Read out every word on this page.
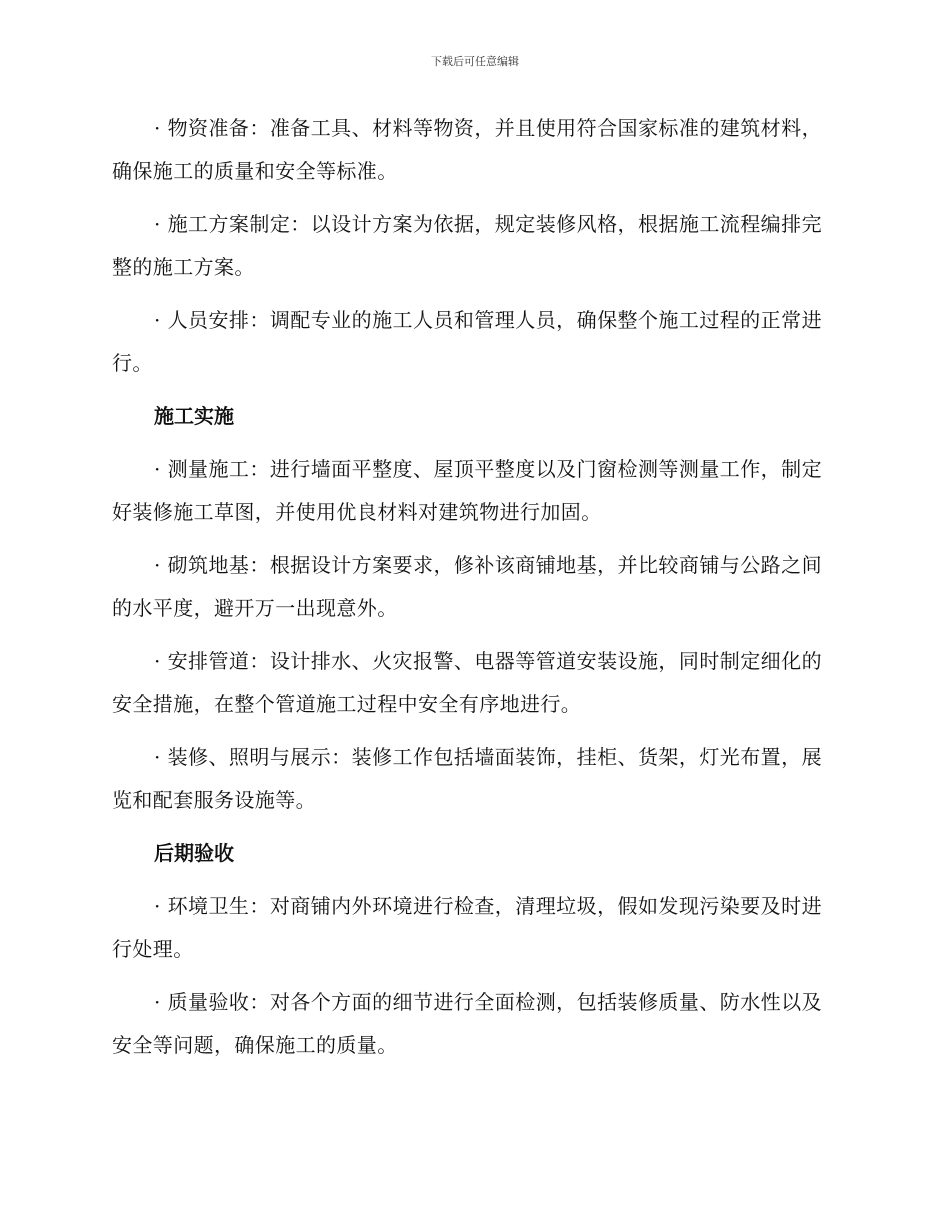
下载后可任意编辑

· 物资准备：准备工具、材料等物资，并且使用符合国家标准的建筑材料，确保施工的质量和安全等标准。

· 施工方案制定：以设计方案为依据，规定装修风格，根据施工流程编排完整的施工方案。

· 人员安排：调配专业的施工人员和管理人员，确保整个施工过程的正常进行。

施工实施

· 测量施工：进行墙面平整度、屋顶平整度以及门窗检测等测量工作，制定好装修施工草图，并使用优良材料对建筑物进行加固。

· 砌筑地基：根据设计方案要求，修补该商铺地基，并比较商铺与公路之间的水平度，避开万一出现意外。

· 安排管道：设计排水、火灾报警、电器等管道安装设施，同时制定细化的安全措施，在整个管道施工过程中安全有序地进行。

· 装修、照明与展示：装修工作包括墙面装饰，挂柜、货架，灯光布置，展览和配套服务设施等。

后期验收

· 环境卫生：对商铺内外环境进行检查，清理垃圾，假如发现污染要及时进行处理。

· 质量验收：对各个方面的细节进行全面检测，包括装修质量、防水性以及安全等问题，确保施工的质量。
